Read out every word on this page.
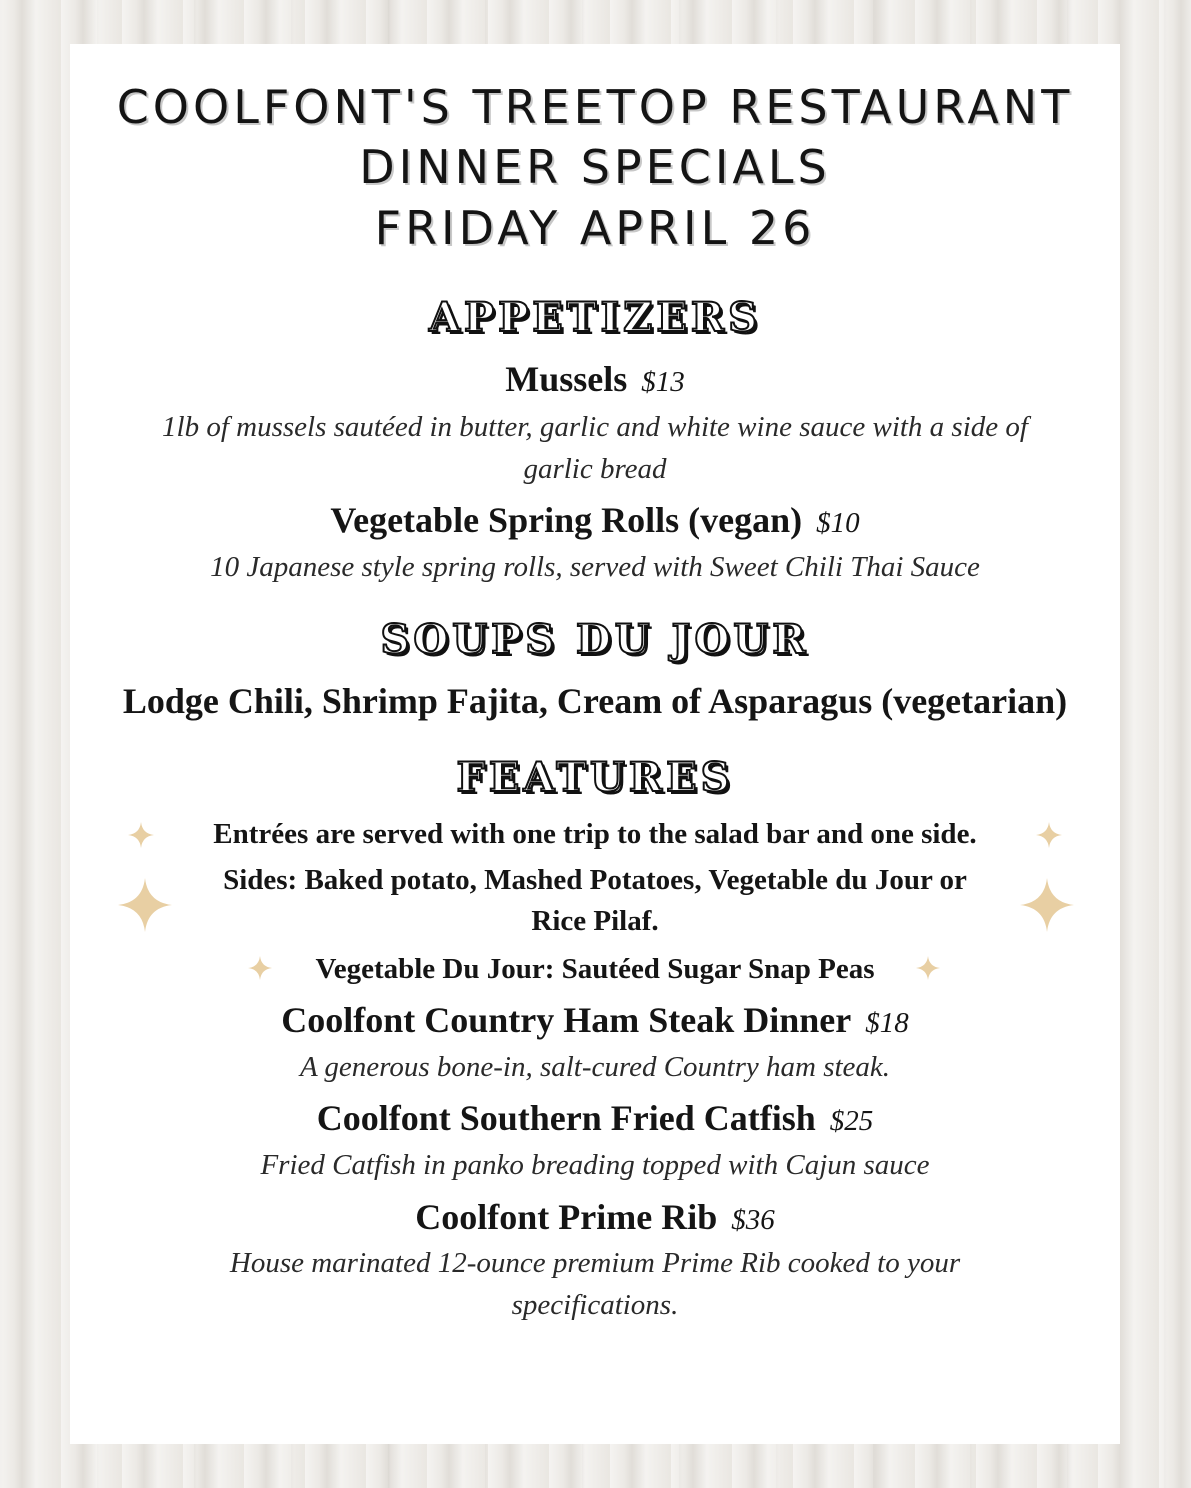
COOLFONT'S TREETOP RESTAURANT
DINNER SPECIALS
FRIDAY APRIL 26
APPETIZERS
Mussels $13
1lb of mussels sautéed in butter, garlic and white wine sauce with a side of
garlic bread
Vegetable Spring Rolls (vegan) $10
10 Japanese style spring rolls, served with Sweet Chili Thai Sauce
SOUPS DU JOUR
Lodge Chili, Shrimp Fajita, Cream of Asparagus (vegetarian)
FEATURES
Entrées are served with one trip to the salad bar and one side.
Sides: Baked potato, Mashed Potatoes, Vegetable du Jour or
Rice Pilaf.
Vegetable Du Jour: Sautéed Sugar Snap Peas
Coolfont Country Ham Steak Dinner $18
A generous bone-in, salt-cured Country ham steak.
Coolfont Southern Fried Catfish $25
Fried Catfish in panko breading topped with Cajun sauce
Coolfont Prime Rib $36
House marinated 12-ounce premium Prime Rib cooked to your
specifications.
